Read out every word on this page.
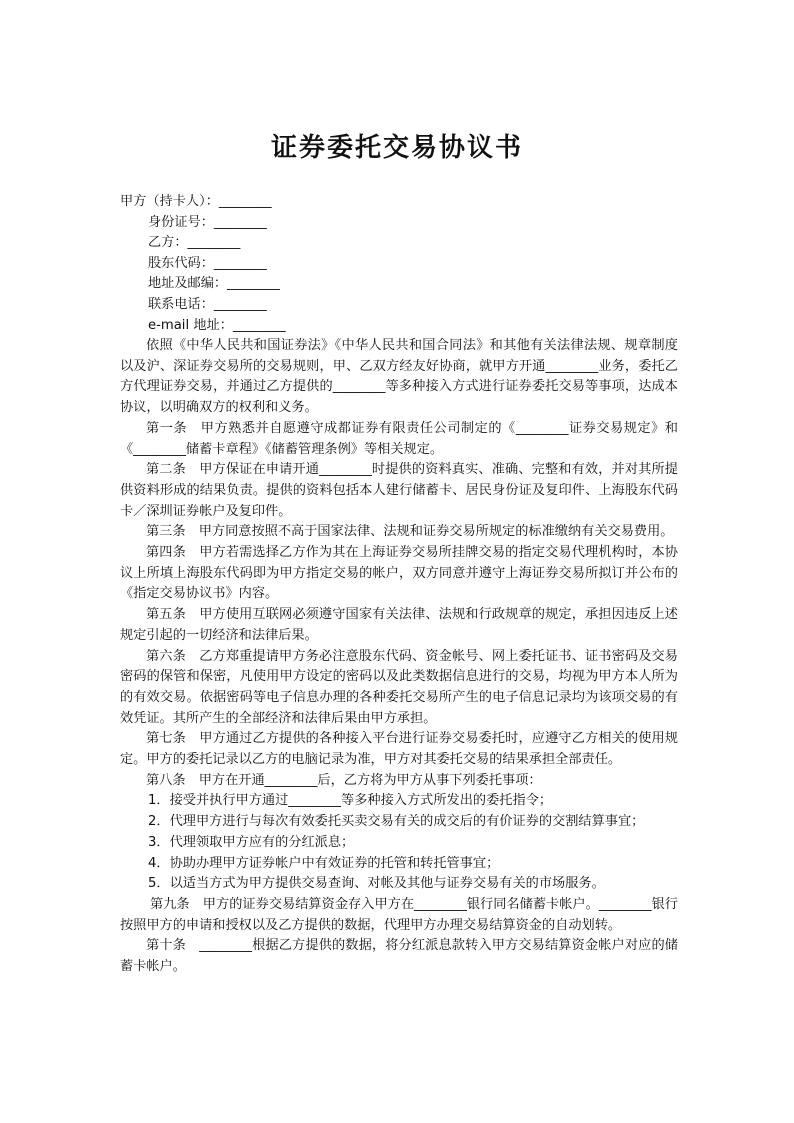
证券委托交易协议书
甲方（持卡人）：________
身份证号：________
乙方：________
股东代码：________
地址及邮编：________
联系电话：________
e-mail 地址：________

依照《中华人民共和国证券法》《中华人民共和国合同法》和其他有关法律法规、规章制度以及沪、深证券交易所的交易规则，甲、乙双方经友好协商，就甲方开通________业务，委托乙方代理证券交易，并通过乙方提供的________等多种接入方式进行证券委托交易等事项，达成本协议，以明确双方的权利和义务。

第一条　甲方熟悉并自愿遵守成都证券有限责任公司制定的《________证券交易规定》和《________储蓄卡章程》《储蓄管理条例》等相关规定。

第二条　甲方保证在申请开通________时提供的资料真实、准确、完整和有效，并对其所提供资料形成的结果负责。提供的资料包括本人建行储蓄卡、居民身份证及复印件、上海股东代码卡／深圳证券帐户及复印件。

第三条　甲方同意按照不高于国家法律、法规和证券交易所规定的标准缴纳有关交易费用。

第四条　甲方若需选择乙方作为其在上海证券交易所挂牌交易的指定交易代理机构时，本协议上所填上海股东代码即为甲方指定交易的帐户，双方同意并遵守上海证券交易所拟订并公布的《指定交易协议书》内容。

第五条　甲方使用互联网必须遵守国家有关法律、法规和行政规章的规定，承担因违反上述规定引起的一切经济和法律后果。

第六条　乙方郑重提请甲方务必注意股东代码、资金帐号、网上委托证书、证书密码及交易密码的保管和保密，凡使用甲方设定的密码以及此类数据信息进行的交易，均视为甲方本人所为的有效交易。依据密码等电子信息办理的各种委托交易所产生的电子信息记录均为该项交易的有效凭证。其所产生的全部经济和法律后果由甲方承担。

第七条　甲方通过乙方提供的各种接入平台进行证券交易委托时，应遵守乙方相关的使用规定。甲方的委托记录以乙方的电脑记录为准，甲方对其委托交易的结果承担全部责任。

第八条　甲方在开通________后，乙方将为甲方从事下列委托事项：

1．接受并执行甲方通过________等多种接入方式所发出的委托指令；

2．代理甲方进行与每次有效委托买卖交易有关的成交后的有价证券的交割结算事宜；

3．代理领取甲方应有的分红派息；

4．协助办理甲方证券帐户中有效证券的托管和转托管事宜；

5．以适当方式为甲方提供交易查询、对帐及其他与证券交易有关的市场服务。

第九条　甲方的证券交易结算资金存入甲方在________银行同名储蓄卡帐户。________银行按照甲方的申请和授权以及乙方提供的数据，代理甲方办理交易结算资金的自动划转。

第十条　________根据乙方提供的数据，将分红派息款转入甲方交易结算资金帐户对应的储蓄卡帐户。
